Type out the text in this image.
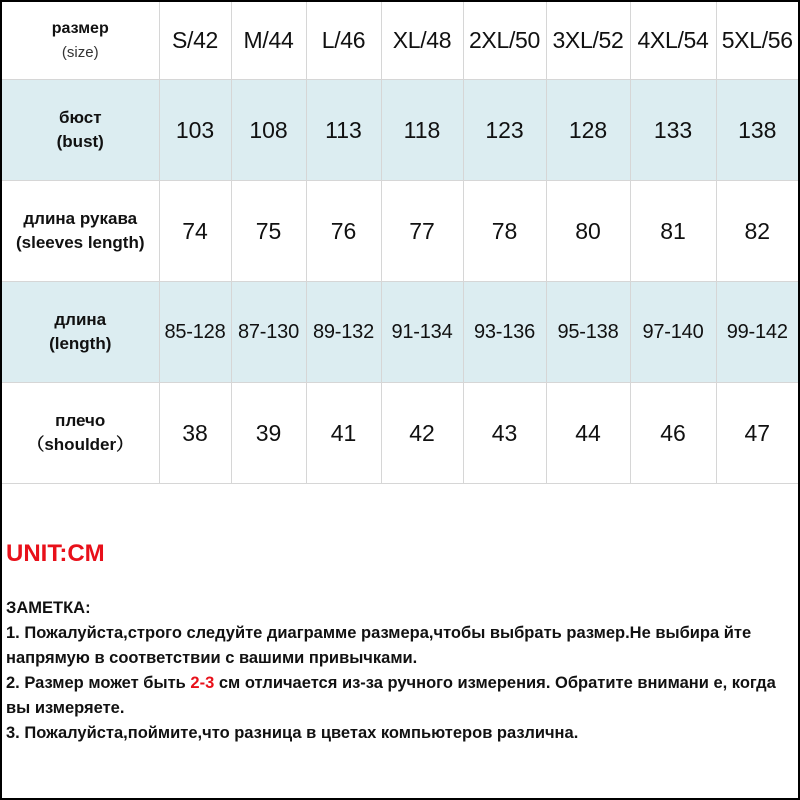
размер
(size)	S/42	M/44	L/46	XL/48	2XL/50	3XL/52	4XL/54	5XL/56
бюст
(bust)	103	108	113	118	123	128	133	138
длина рукава
(sleeves length)	74	75	76	77	78	80	81	82
длина
(length)	85-128	87-130	89-132	91-134	93-136	95-138	97-140	99-142
плечо
（shoulder）	38	39	41	42	43	44	46	47
UNIT:CM

ЗАМЕТКА:

1. Пожалуйста,строго следуйте диаграмме размера,чтобы выбрать размер.Не выбира йте напрямую в соответствии с вашими привычками.

2. Размер может быть 2-3 см отличается из-за ручного измерения. Обратите внимани е, когда вы измеряете.

3. Пожалуйста,поймите,что разница в цветах компьютеров различна.
